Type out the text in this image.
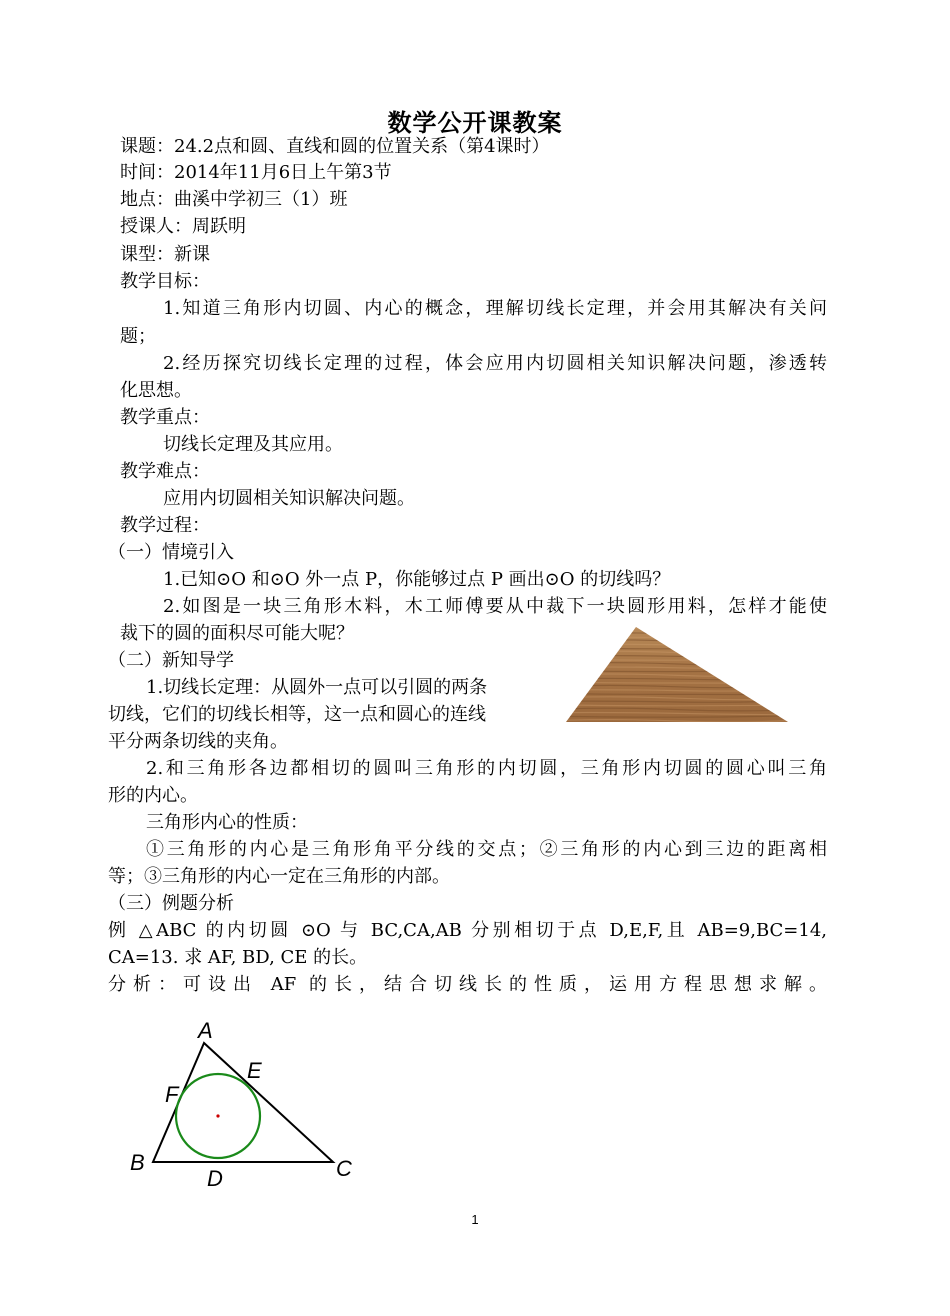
数学公开课教案
课题：24.2点和圆、直线和圆的位置关系（第4课时）
时间：2014年11月6日上午第3节
地点：曲溪中学初三（1）班
授课人：周跃明
课型：新课
教学目标：
1.知道三角形内切圆、内心的概念，理解切线长定理，并会用其解决有关问
题；
2.经历探究切线长定理的过程，体会应用内切圆相关知识解决问题，渗透转
化思想。
教学重点：
切线长定理及其应用。
教学难点：
应用内切圆相关知识解决问题。
教学过程：
（一）情境引入
1.已知⊙O 和⊙O 外一点 P，你能够过点 P 画出⊙O 的切线吗？
2.如图是一块三角形木料，木工师傅要从中裁下一块圆形用料，怎样才能使
裁下的圆的面积尽可能大呢？
（二）新知导学
1.切线长定理：从圆外一点可以引圆的两条
切线，它们的切线长相等，这一点和圆心的连线
平分两条切线的夹角。
2.和三角形各边都相切的圆叫三角形的内切圆，三角形内切圆的圆心叫三角
形的内心。
三角形内心的性质：
①三角形的内心是三角形角平分线的交点；②三角形的内心到三边的距离相
等；③三角形的内心一定在三角形的内部。
（三）例题分析
例 △ABC 的内切圆 ⊙O 与 BC,CA,AB 分别相切于点 D,E,F,且 AB=9,BC=14,
CA=13. 求 AF, BD, CE 的长。
分析：可设出 AF 的长，结合切线长的性质，运用方程思想求解。
A
B	C
D
E
F
1
